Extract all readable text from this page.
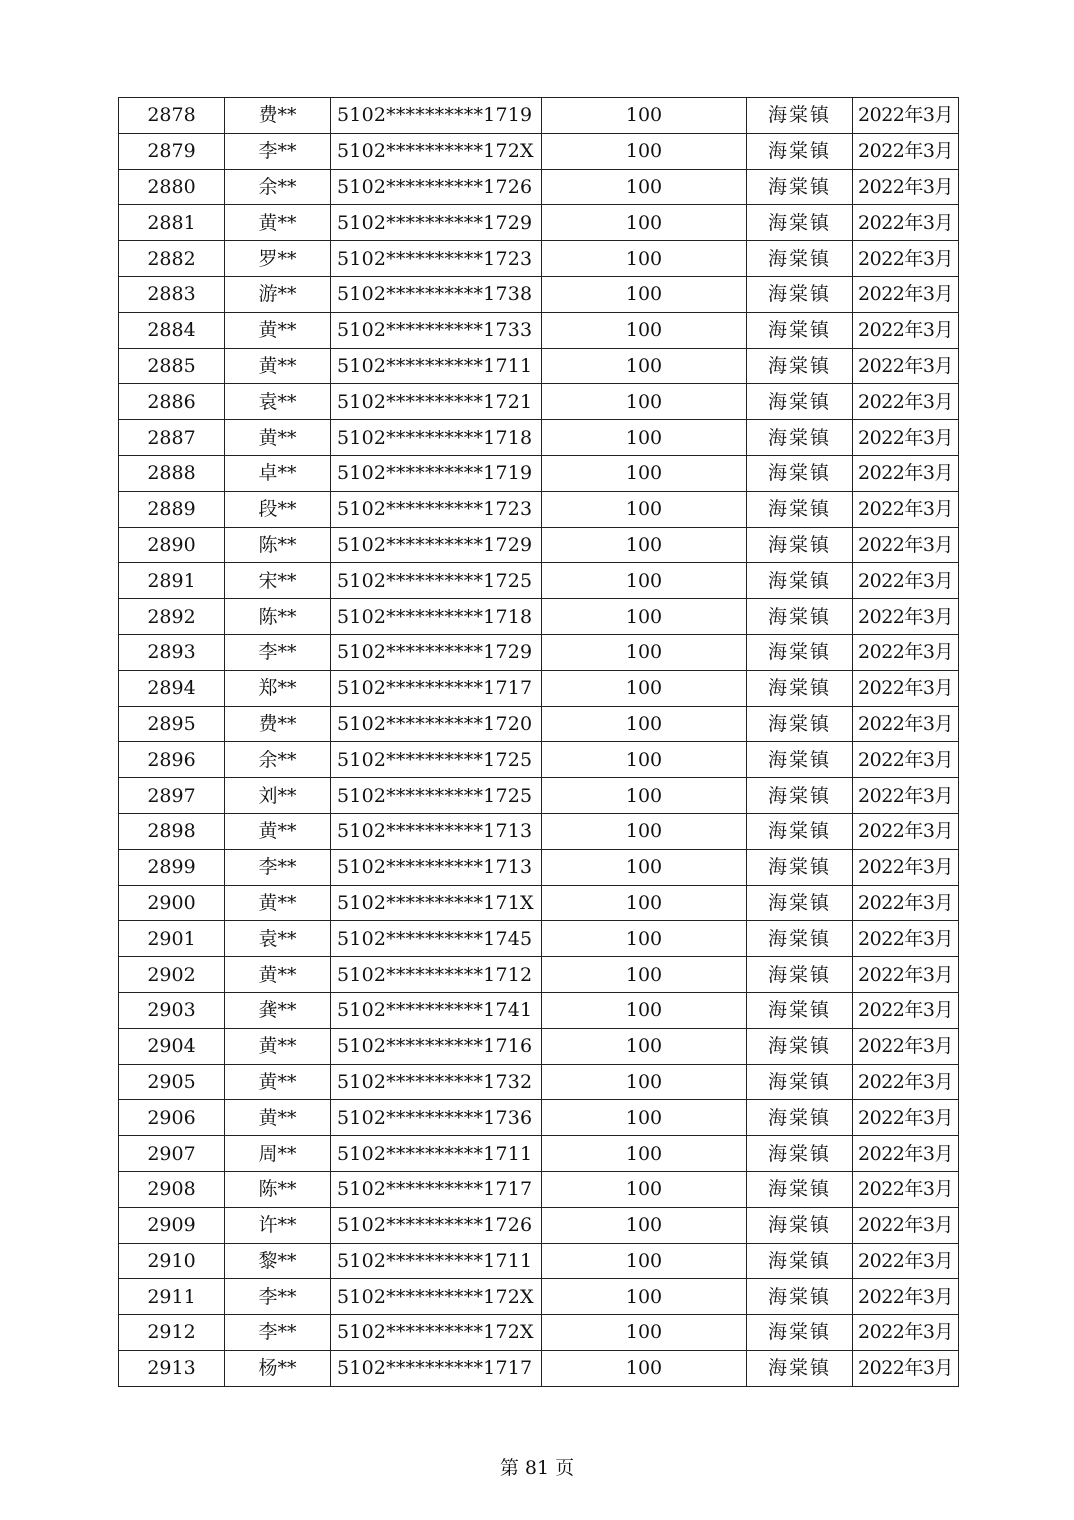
2878	费**	5102**********1719	100	海棠镇	2022年3月
2879	李**	5102**********172X	100	海棠镇	2022年3月
2880	余**	5102**********1726	100	海棠镇	2022年3月
2881	黄**	5102**********1729	100	海棠镇	2022年3月
2882	罗**	5102**********1723	100	海棠镇	2022年3月
2883	游**	5102**********1738	100	海棠镇	2022年3月
2884	黄**	5102**********1733	100	海棠镇	2022年3月
2885	黄**	5102**********1711	100	海棠镇	2022年3月
2886	袁**	5102**********1721	100	海棠镇	2022年3月
2887	黄**	5102**********1718	100	海棠镇	2022年3月
2888	卓**	5102**********1719	100	海棠镇	2022年3月
2889	段**	5102**********1723	100	海棠镇	2022年3月
2890	陈**	5102**********1729	100	海棠镇	2022年3月
2891	宋**	5102**********1725	100	海棠镇	2022年3月
2892	陈**	5102**********1718	100	海棠镇	2022年3月
2893	李**	5102**********1729	100	海棠镇	2022年3月
2894	郑**	5102**********1717	100	海棠镇	2022年3月
2895	费**	5102**********1720	100	海棠镇	2022年3月
2896	余**	5102**********1725	100	海棠镇	2022年3月
2897	刘**	5102**********1725	100	海棠镇	2022年3月
2898	黄**	5102**********1713	100	海棠镇	2022年3月
2899	李**	5102**********1713	100	海棠镇	2022年3月
2900	黄**	5102**********171X	100	海棠镇	2022年3月
2901	袁**	5102**********1745	100	海棠镇	2022年3月
2902	黄**	5102**********1712	100	海棠镇	2022年3月
2903	龚**	5102**********1741	100	海棠镇	2022年3月
2904	黄**	5102**********1716	100	海棠镇	2022年3月
2905	黄**	5102**********1732	100	海棠镇	2022年3月
2906	黄**	5102**********1736	100	海棠镇	2022年3月
2907	周**	5102**********1711	100	海棠镇	2022年3月
2908	陈**	5102**********1717	100	海棠镇	2022年3月
2909	许**	5102**********1726	100	海棠镇	2022年3月
2910	黎**	5102**********1711	100	海棠镇	2022年3月
2911	李**	5102**********172X	100	海棠镇	2022年3月
2912	李**	5102**********172X	100	海棠镇	2022年3月
2913	杨**	5102**********1717	100	海棠镇	2022年3月
第 81 页
